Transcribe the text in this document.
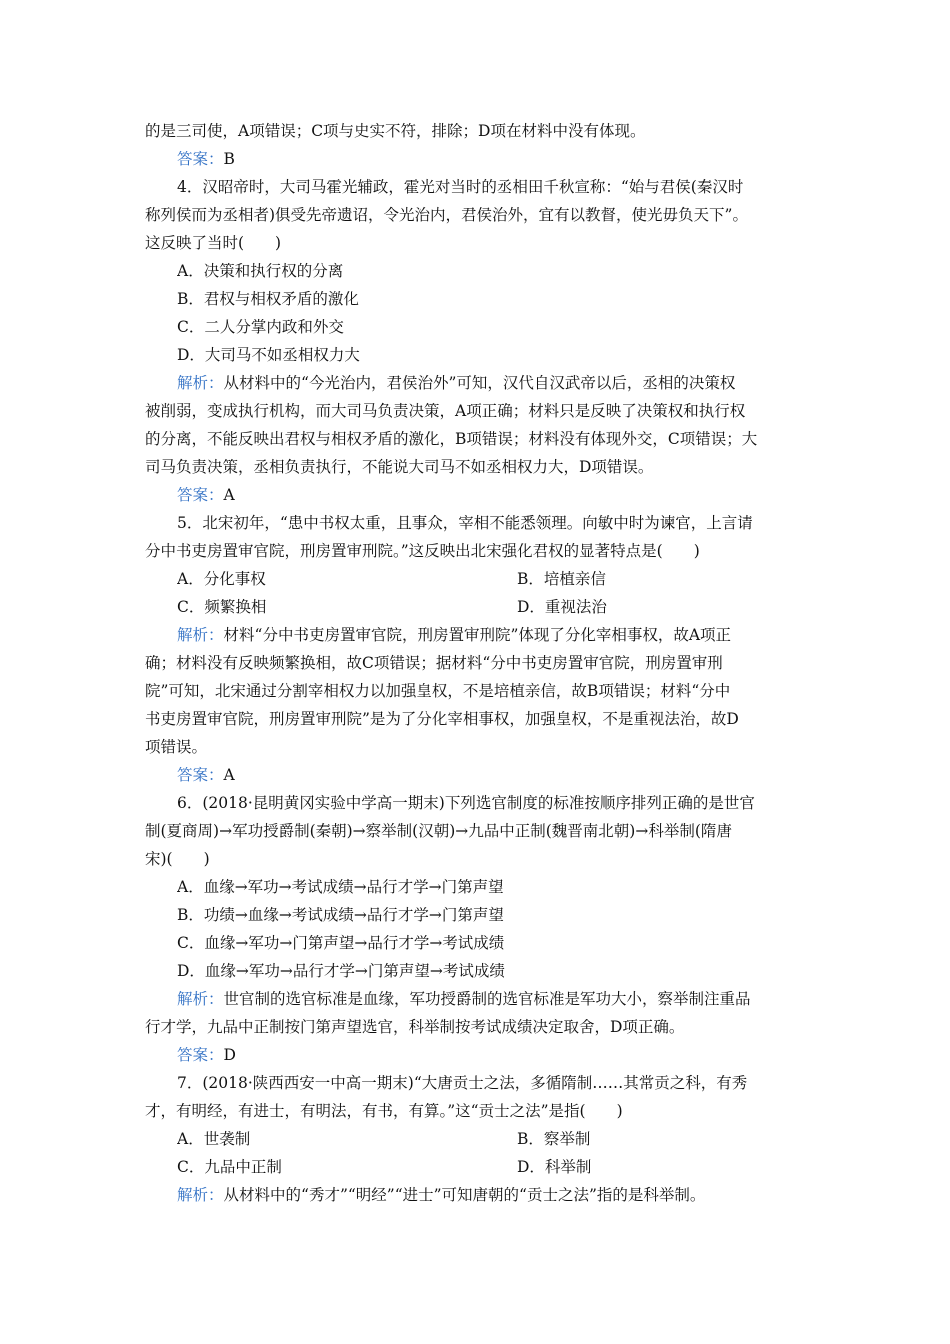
的是三司使，A项错误；C项与史实不符，排除；D项在材料中没有体现。
答案：B
4．汉昭帝时，大司马霍光辅政，霍光对当时的丞相田千秋宣称：“始与君侯(秦汉时
称列侯而为丞相者)俱受先帝遗诏，令光治内，君侯治外，宜有以教督，使光毋负天下”。
这反映了当时(　　)
A．决策和执行权的分离
B．君权与相权矛盾的激化
C．二人分掌内政和外交
D．大司马不如丞相权力大
解析：从材料中的“今光治内，君侯治外”可知，汉代自汉武帝以后，丞相的决策权
被削弱，变成执行机构，而大司马负责决策，A项正确；材料只是反映了决策权和执行权
的分离，不能反映出君权与相权矛盾的激化，B项错误；材料没有体现外交，C项错误；大
司马负责决策，丞相负责执行，不能说大司马不如丞相权力大，D项错误。
答案：A
5．北宋初年，“患中书权太重，且事众，宰相不能悉领理。向敏中时为谏官，上言请
分中书吏房置审官院，刑房置审刑院。”这反映出北宋强化君权的显著特点是(　　)
A．分化事权	B．培植亲信
C．频繁换相	D．重视法治
解析：材料“分中书吏房置审官院，刑房置审刑院”体现了分化宰相事权，故A项正
确；材料没有反映频繁换相，故C项错误；据材料“分中书吏房置审官院，刑房置审刑
院”可知，北宋通过分割宰相权力以加强皇权，不是培植亲信，故B项错误；材料“分中
书吏房置审官院，刑房置审刑院”是为了分化宰相事权，加强皇权，不是重视法治，故D
项错误。
答案：A
6．(2018·昆明黄冈实验中学高一期末)下列选官制度的标准按顺序排列正确的是世官
制(夏商周)→军功授爵制(秦朝)→察举制(汉朝)→九品中正制(魏晋南北朝)→科举制(隋唐
宋)(　　)
A．血缘→军功→考试成绩→品行才学→门第声望
B．功绩→血缘→考试成绩→品行才学→门第声望
C．血缘→军功→门第声望→品行才学→考试成绩
D．血缘→军功→品行才学→门第声望→考试成绩
解析：世官制的选官标准是血缘，军功授爵制的选官标准是军功大小，察举制注重品
行才学，九品中正制按门第声望选官，科举制按考试成绩决定取舍，D项正确。
答案：D
7．(2018·陕西西安一中高一期末)“大唐贡士之法，多循隋制……其常贡之科，有秀
才，有明经，有进士，有明法，有书，有算。”这“贡士之法”是指(　　)
A．世袭制	B．察举制
C．九品中正制	D．科举制
解析：从材料中的“秀才”“明经”“进士”可知唐朝的“贡士之法”指的是科举制。
